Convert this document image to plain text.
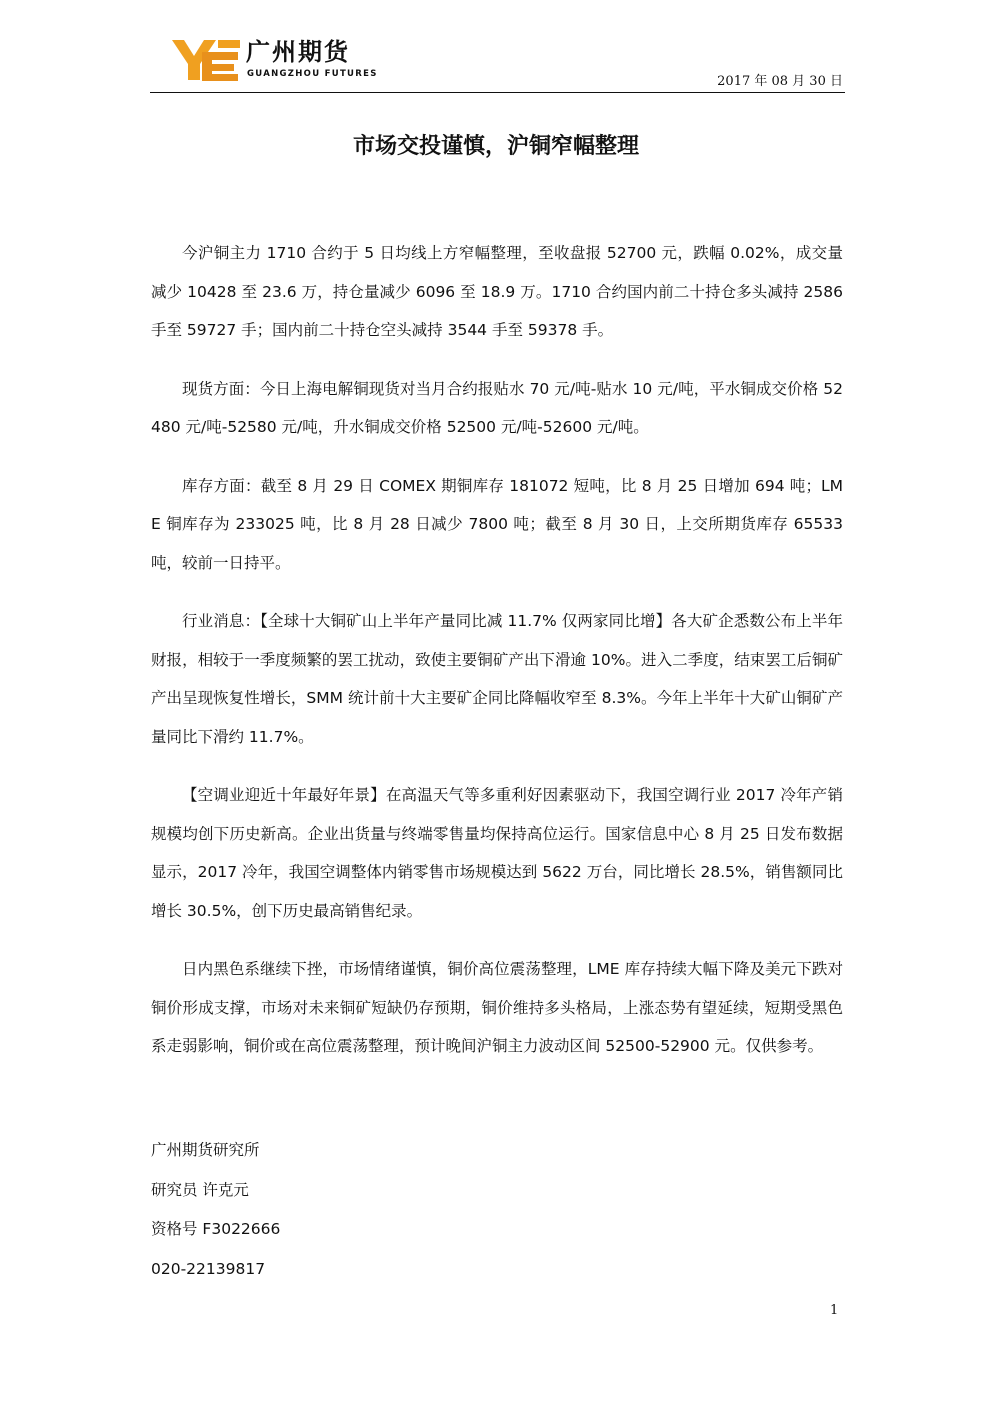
广州期货
GUANGZHOU FUTURES	2017 年 08 月 30 日
市场交投谨慎，沪铜窄幅整理

今沪铜主力 1710 合约于 5 日均线上方窄幅整理，至收盘报 52700 元，跌幅 0.02%，成交量减少 10428 至 23.6 万，持仓量减少 6096 至 18.9 万。1710 合约国内前二十持仓多头减持 2586 手至 59727 手；国内前二十持仓空头减持 3544 手至 59378 手。

现货方面：今日上海电解铜现货对当月合约报贴水 70 元/吨-贴水 10 元/吨，平水铜成交价格 52480 元/吨-52580 元/吨，升水铜成交价格 52500 元/吨-52600 元/吨。

库存方面：截至 8 月 29 日 COMEX 期铜库存 181072 短吨，比 8 月 25 日增加 694 吨；LME 铜库存为 233025 吨，比 8 月 28 日减少 7800 吨；截至 8 月 30 日，上交所期货库存 65533 吨，较前一日持平。

行业消息：【全球十大铜矿山上半年产量同比减 11.7% 仅两家同比增】各大矿企悉数公布上半年财报，相较于一季度频繁的罢工扰动，致使主要铜矿产出下滑逾 10%。进入二季度，结束罢工后铜矿产出呈现恢复性增长，SMM 统计前十大主要矿企同比降幅收窄至 8.3%。今年上半年十大矿山铜矿产量同比下滑约 11.7%。

【空调业迎近十年最好年景】在高温天气等多重利好因素驱动下，我国空调行业 2017 冷年产销规模均创下历史新高。企业出货量与终端零售量均保持高位运行。国家信息中心 8 月 25 日发布数据显示，2017 冷年，我国空调整体内销零售市场规模达到 5622 万台，同比增长 28.5%，销售额同比增长 30.5%，创下历史最高销售纪录。

日内黑色系继续下挫，市场情绪谨慎，铜价高位震荡整理，LME 库存持续大幅下降及美元下跌对铜价形成支撑，市场对未来铜矿短缺仍存预期，铜价维持多头格局，上涨态势有望延续，短期受黑色系走弱影响，铜价或在高位震荡整理，预计晚间沪铜主力波动区间 52500-52900 元。仅供参考。

广州期货研究所
研究员 许克元
资格号 F3022666
020-22139817
1
